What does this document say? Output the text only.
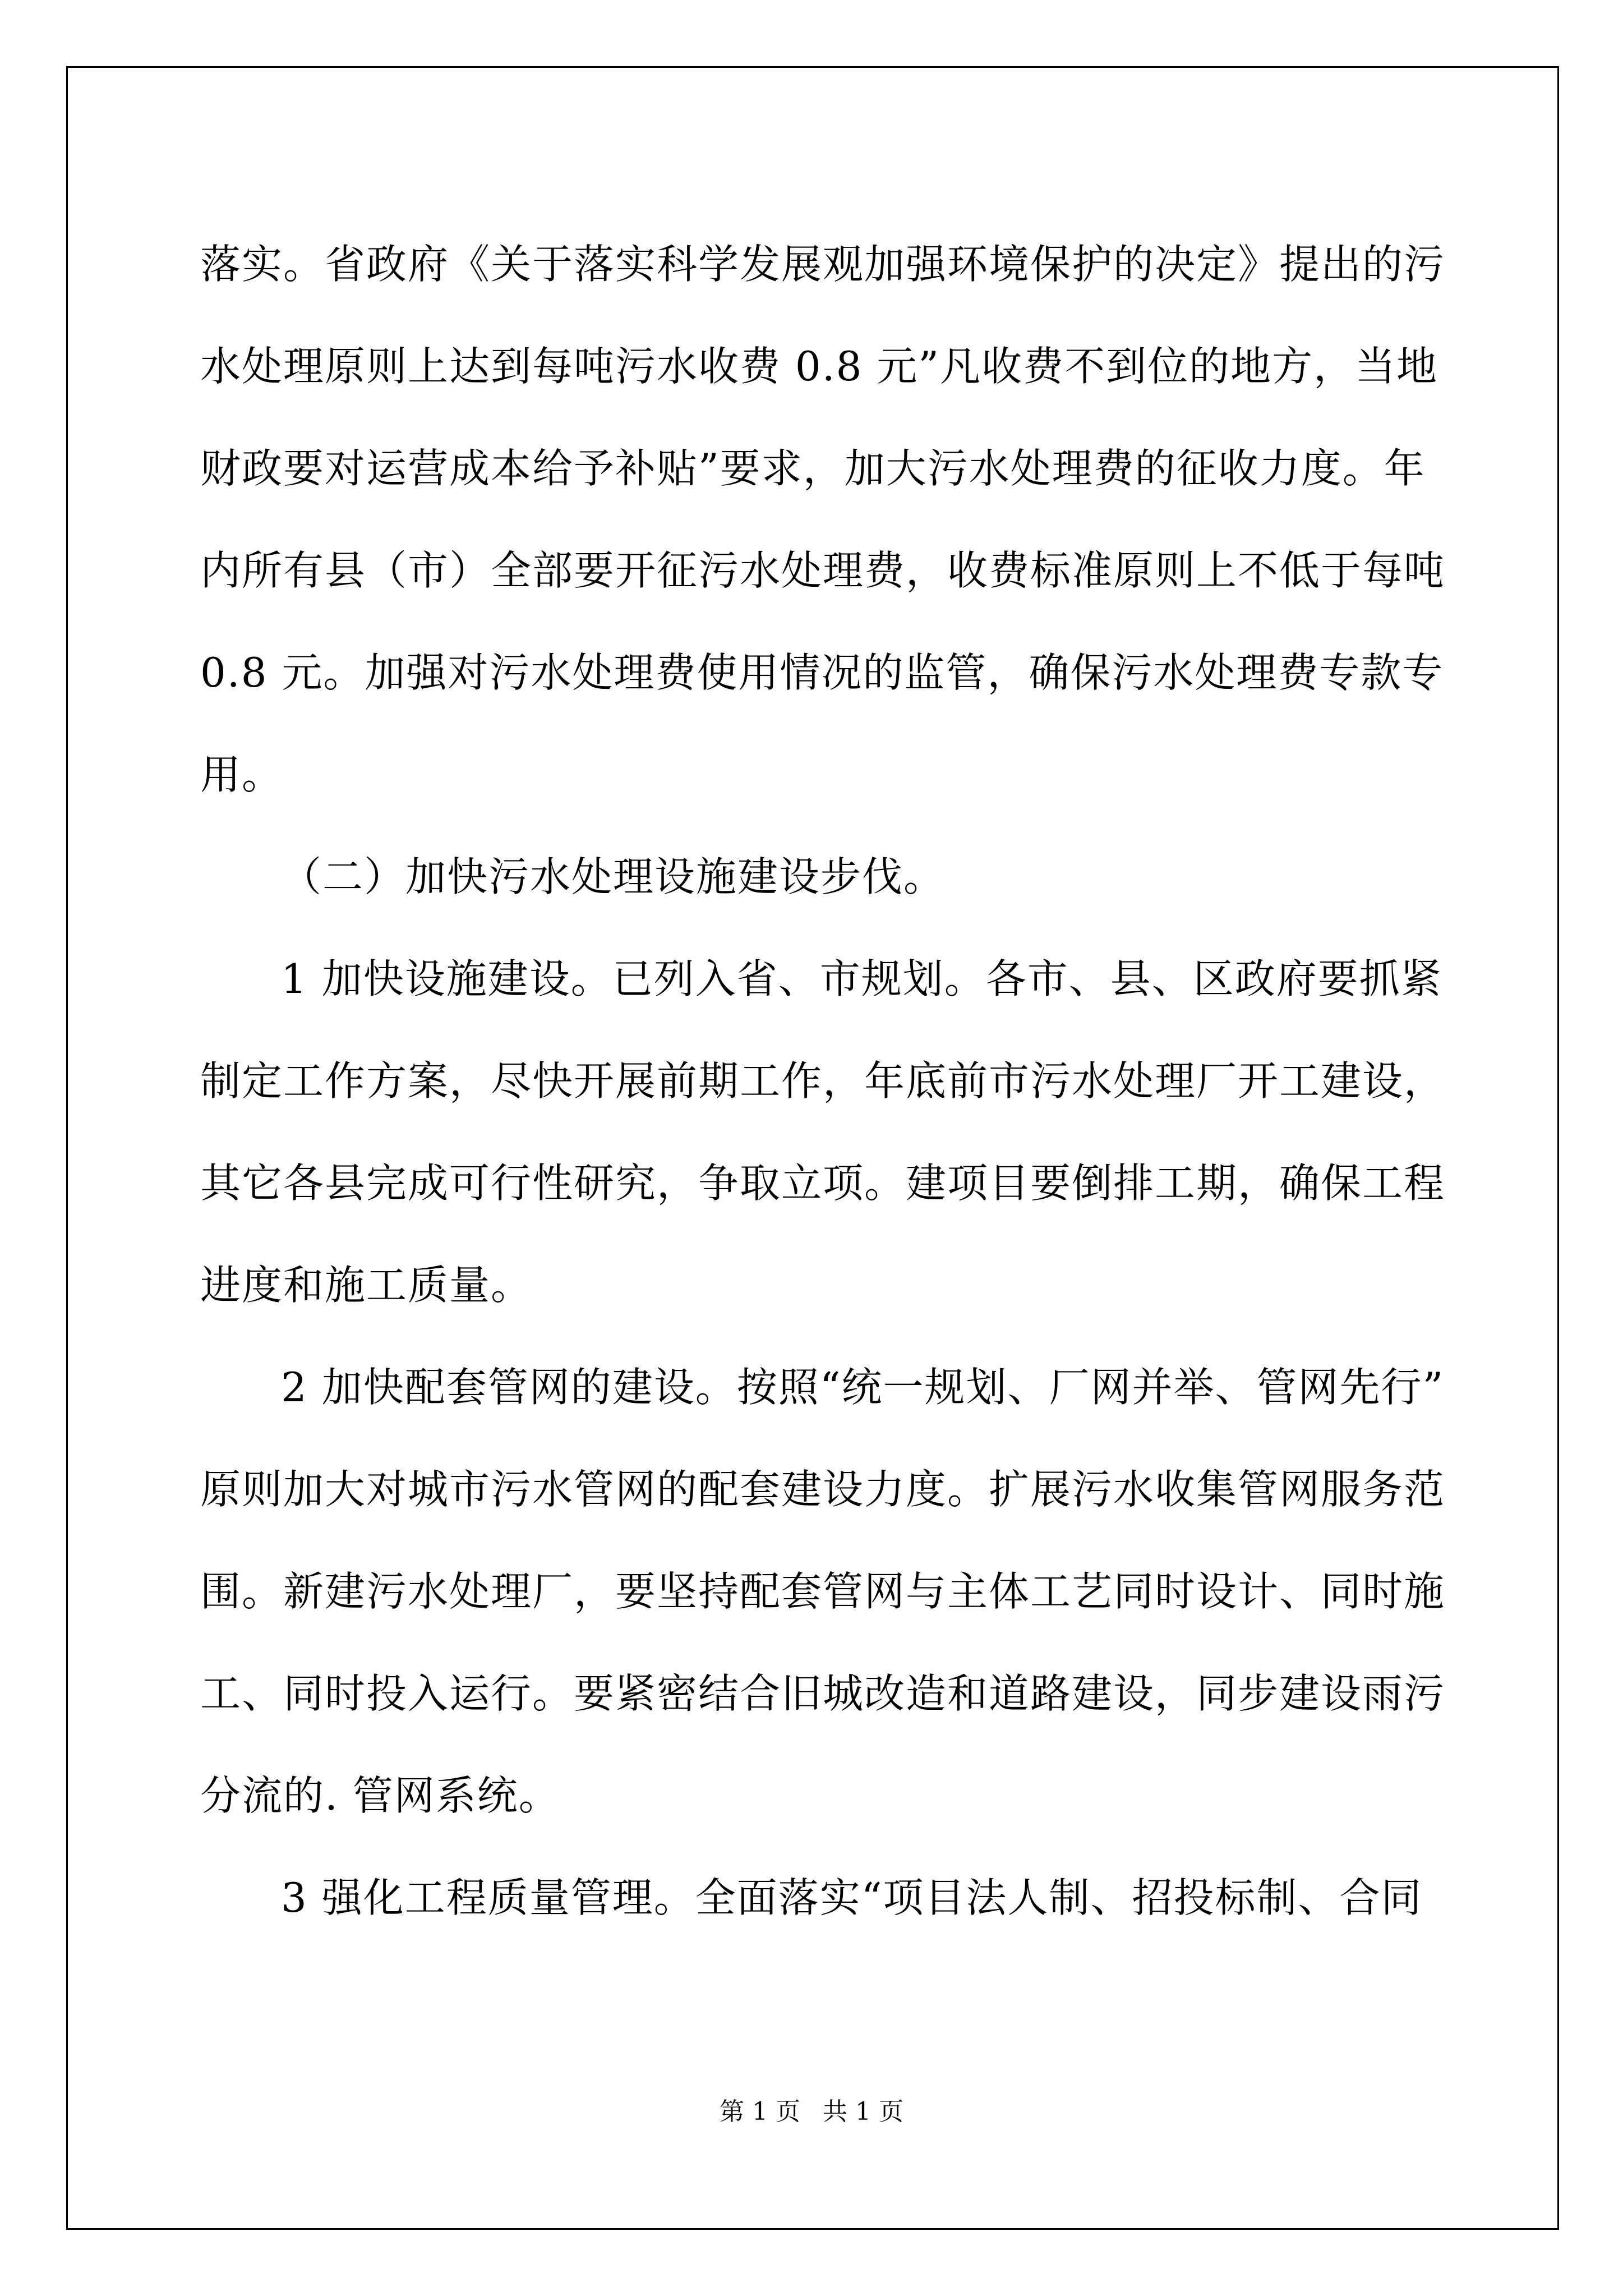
落实。省政府《关于落实科学发展观加强环境保护的决定》提出的污
水处理原则上达到每吨污水收费 0.8 元”凡收费不到位的地方，当地
财政要对运营成本给予补贴”要求，加大污水处理费的征收力度。年
内所有县（市）全部要开征污水处理费，收费标准原则上不低于每吨
0.8 元。加强对污水处理费使用情况的监管，确保污水处理费专款专
用。
（二）加快污水处理设施建设步伐。
1 加快设施建设。已列入省、市规划。各市、县、区政府要抓紧
制定工作方案，尽快开展前期工作，年底前市污水处理厂开工建设，
其它各县完成可行性研究，争取立项。建项目要倒排工期，确保工程
进度和施工质量。
2 加快配套管网的建设。按照“统一规划、厂网并举、管网先行”
原则加大对城市污水管网的配套建设力度。扩展污水收集管网服务范
围。新建污水处理厂，要坚持配套管网与主体工艺同时设计、同时施
工、同时投入运行。要紧密结合旧城改造和道路建设，同步建设雨污
分流的. 管网系统。
3 强化工程质量管理。全面落实“项目法人制、招投标制、合同
第 1 页 共 1 页
